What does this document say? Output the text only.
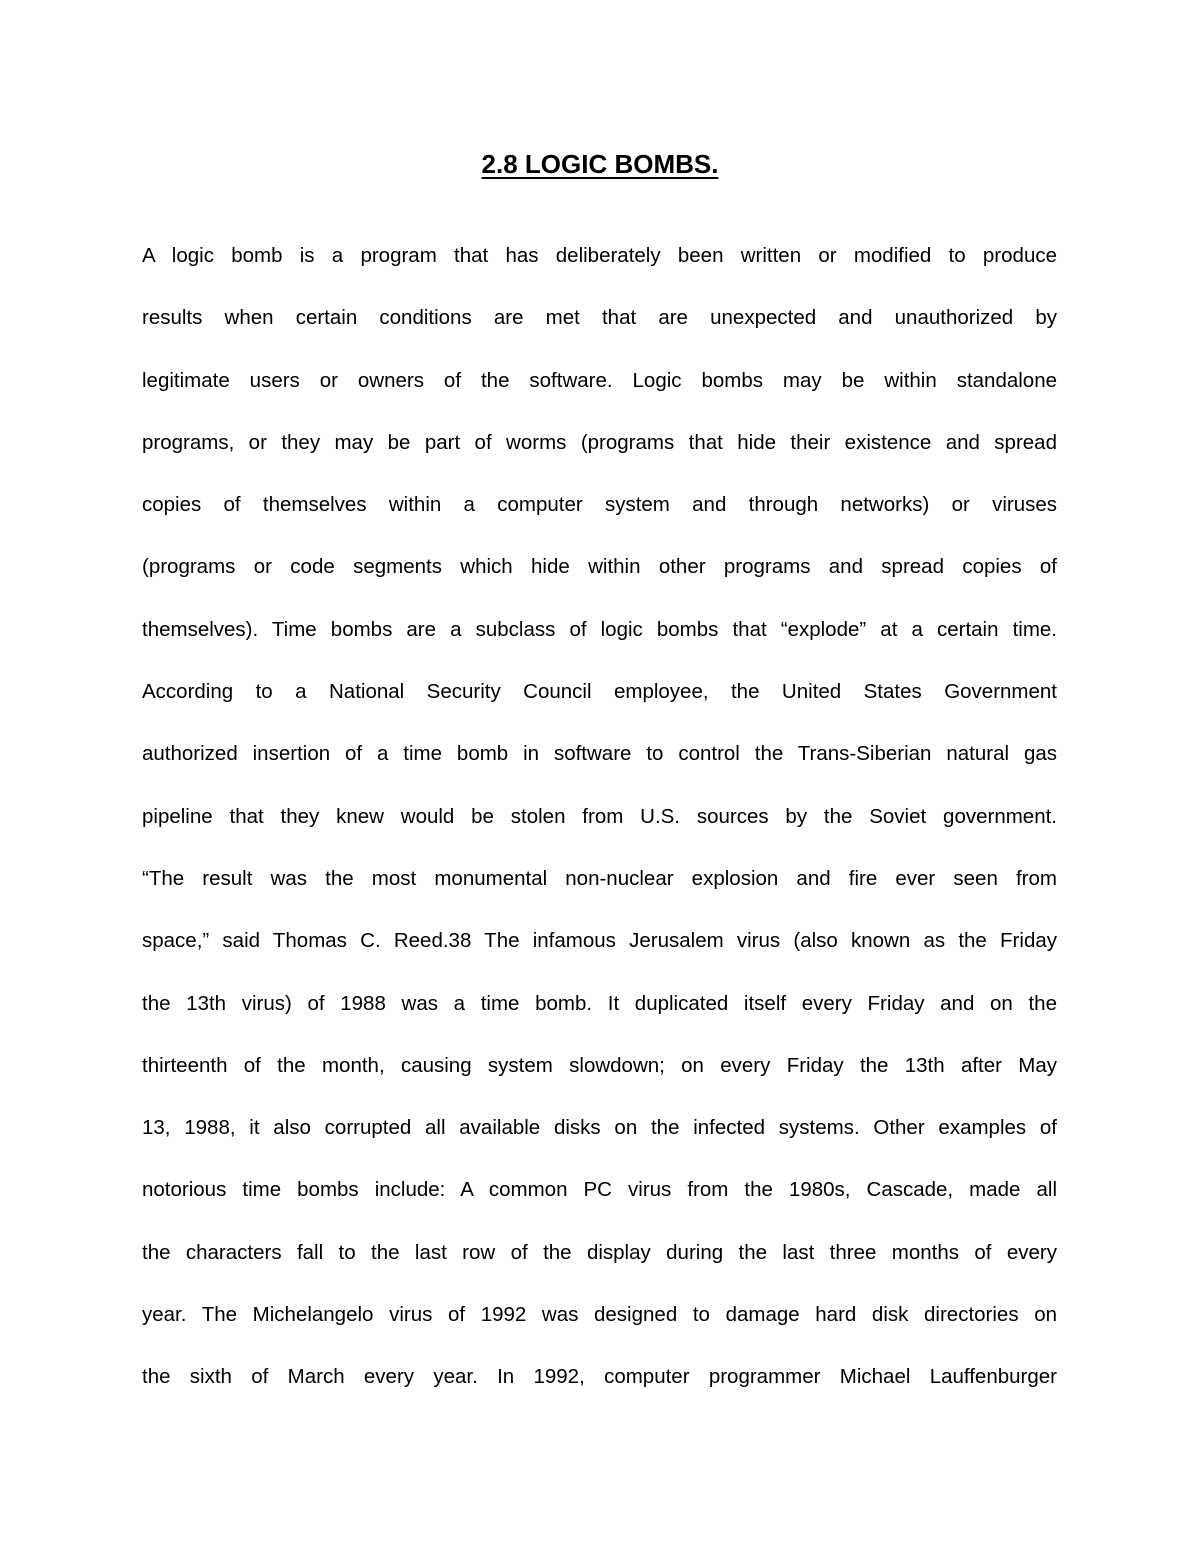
2.8 LOGIC BOMBS.
A logic bomb is a program that has deliberately been written or modified to produce
results when certain conditions are met that are unexpected and unauthorized by
legitimate users or owners of the software. Logic bombs may be within standalone
programs, or they may be part of worms (programs that hide their existence and spread
copies of themselves within a computer system and through networks) or viruses
(programs or code segments which hide within other programs and spread copies of
themselves). Time bombs are a subclass of logic bombs that “explode” at a certain time.
According to a National Security Council employee, the United States Government
authorized insertion of a time bomb in software to control the Trans-Siberian natural gas
pipeline that they knew would be stolen from U.S. sources by the Soviet government.
“The result was the most monumental non-nuclear explosion and fire ever seen from
space,” said Thomas C. Reed.38 The infamous Jerusalem virus (also known as the Friday
the 13th virus) of 1988 was a time bomb. It duplicated itself every Friday and on the
thirteenth of the month, causing system slowdown; on every Friday the 13th after May
13, 1988, it also corrupted all available disks on the infected systems. Other examples of
notorious time bombs include: A common PC virus from the 1980s, Cascade, made all
the characters fall to the last row of the display during the last three months of every
year. The Michelangelo virus of 1992 was designed to damage hard disk directories on
the sixth of March every year. In 1992, computer programmer Michael Lauffenburger
